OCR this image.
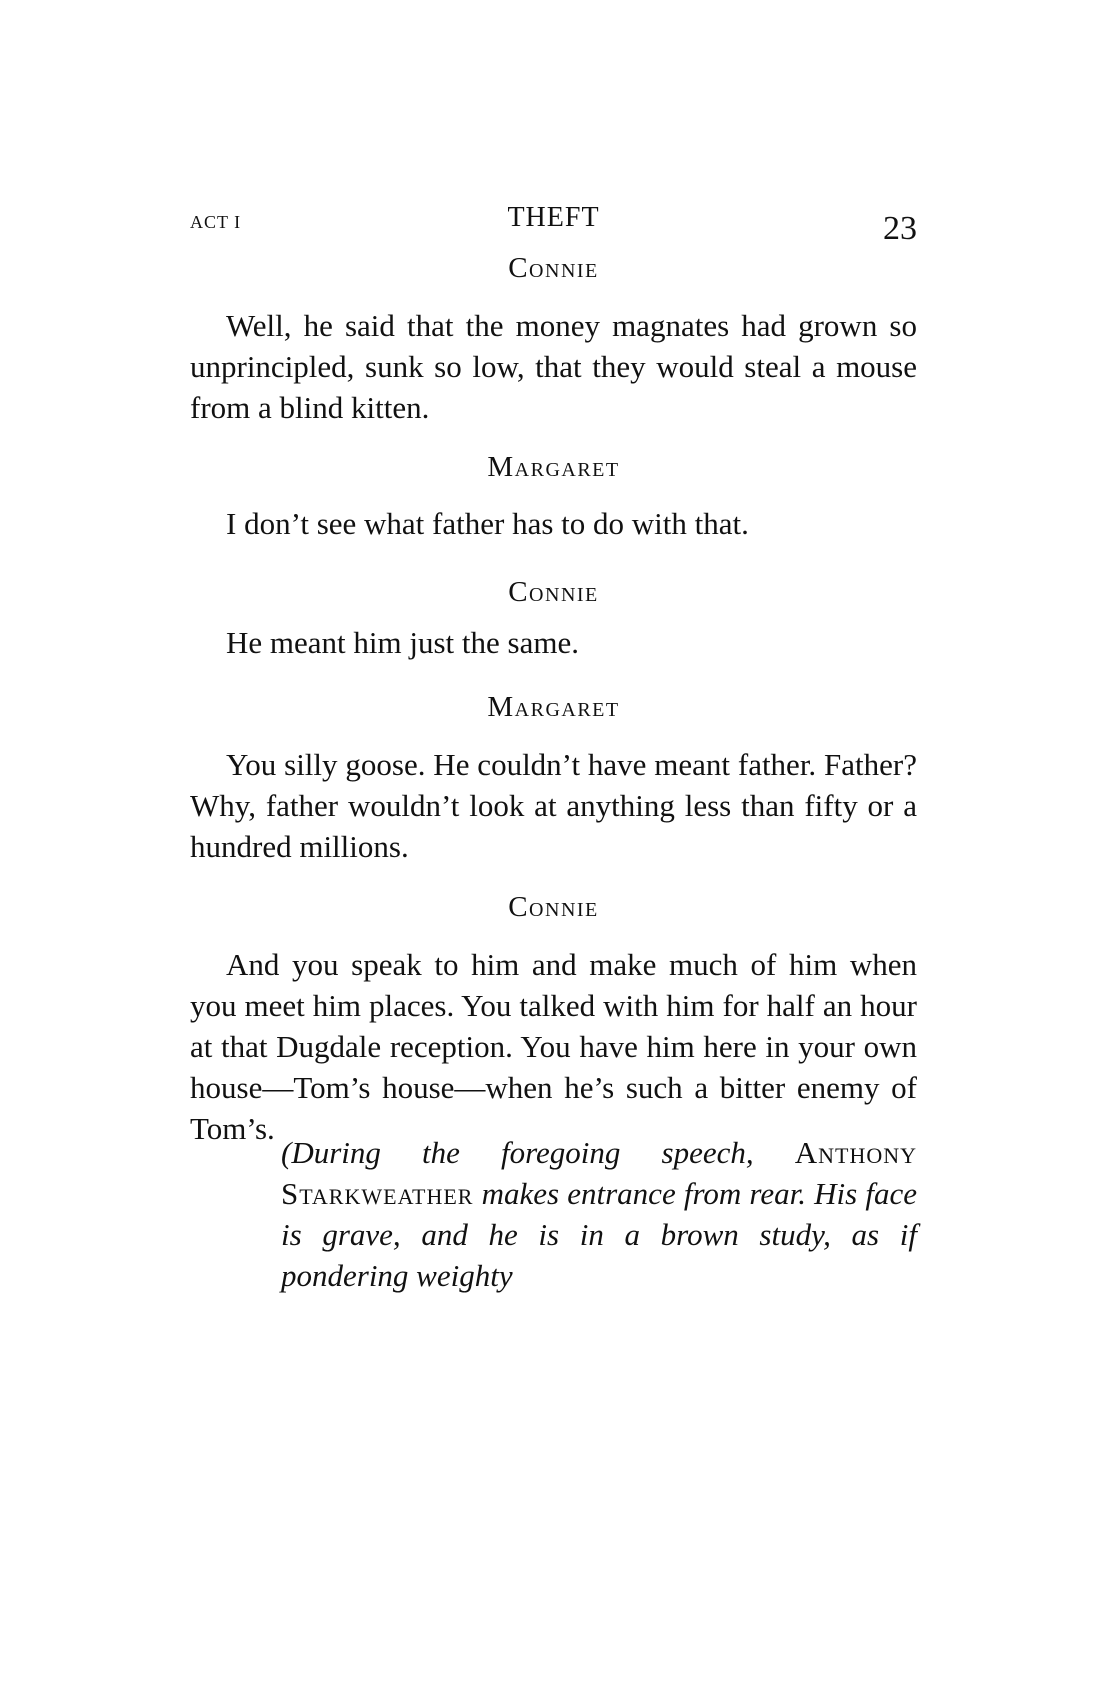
ACT I	THEFT	23
Connie
Well, he said that the money magnates had grown so unprincipled, sunk so low, that they would steal a mouse from a blind kitten.
Margaret
I don’t see what father has to do with that.
Connie
He meant him just the same.
Margaret
You silly goose. He couldn’t have meant father. Father? Why, father wouldn’t look at anything less than fifty or a hundred millions.
Connie
And you speak to him and make much of him when you meet him places. You talked with him for half an hour at that Dugdale reception. You have him here in your own house—Tom’s house—when he’s such a bitter enemy of Tom’s.
(During the foregoing speech, Anthony Starkweather makes entrance from rear. His face is grave, and he is in a brown study, as if pondering weighty
